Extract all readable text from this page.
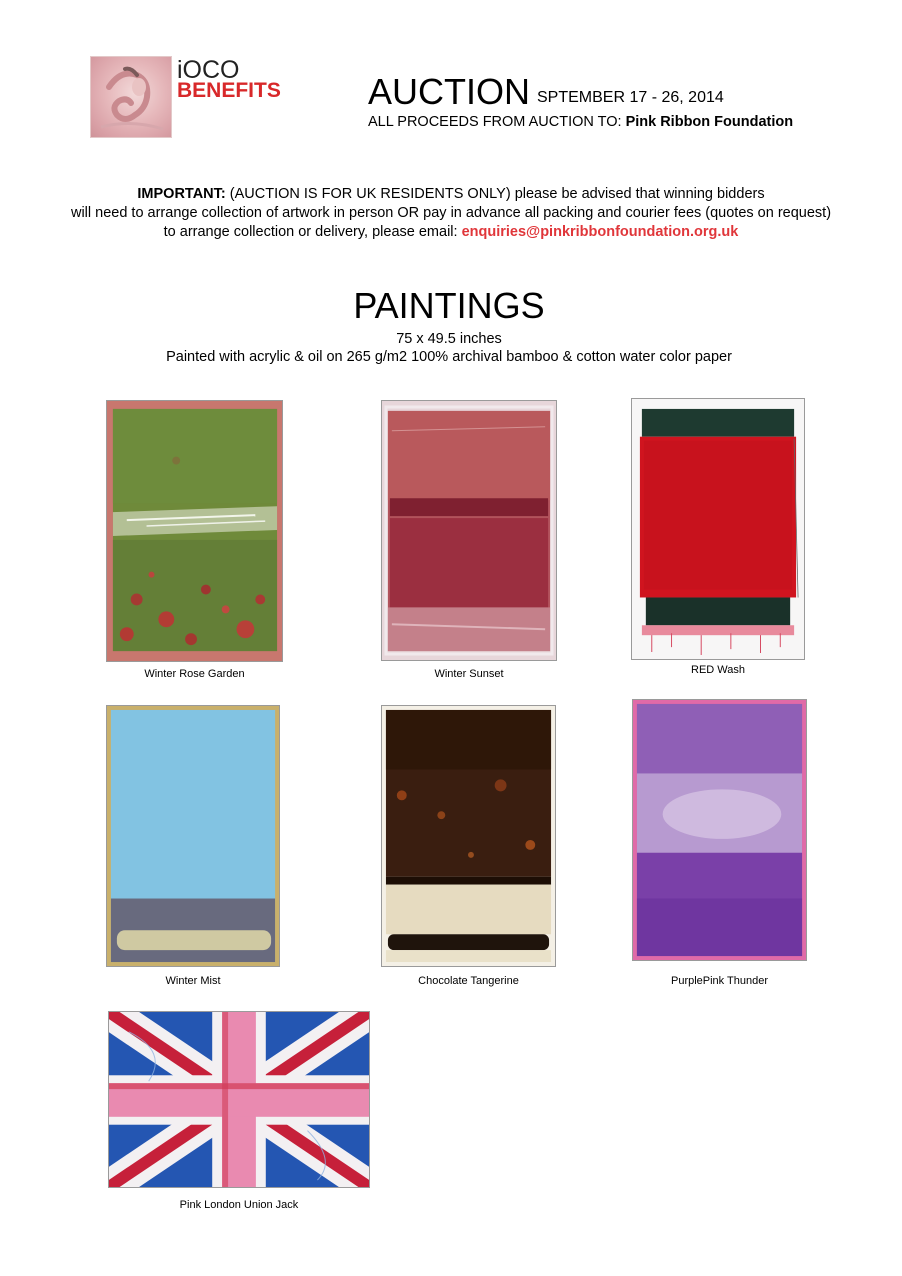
iOCO
BENEFITS AUCTION SPTEMBER 17 - 26, 2014
ALL PROCEEDS FROM AUCTION TO: Pink Ribbon Foundation
IMPORTANT: (AUCTION IS FOR UK RESIDENTS ONLY) please be advised that winning bidders
will need to arrange collection of artwork in person OR pay in advance all packing and courier fees (quotes on request)
to arrange collection or delivery, please email: enquiries@pinkribbonfoundation.org.uk
PAINTINGS
75 x 49.5 inches
Painted with acrylic & oil on 265 g/m2 100% archival bamboo & cotton water color paper
Winter Rose Garden	Winter Sunset	RED Wash
Winter Mist	Chocolate Tangerine	PurplePink Thunder
Pink London Union Jack
